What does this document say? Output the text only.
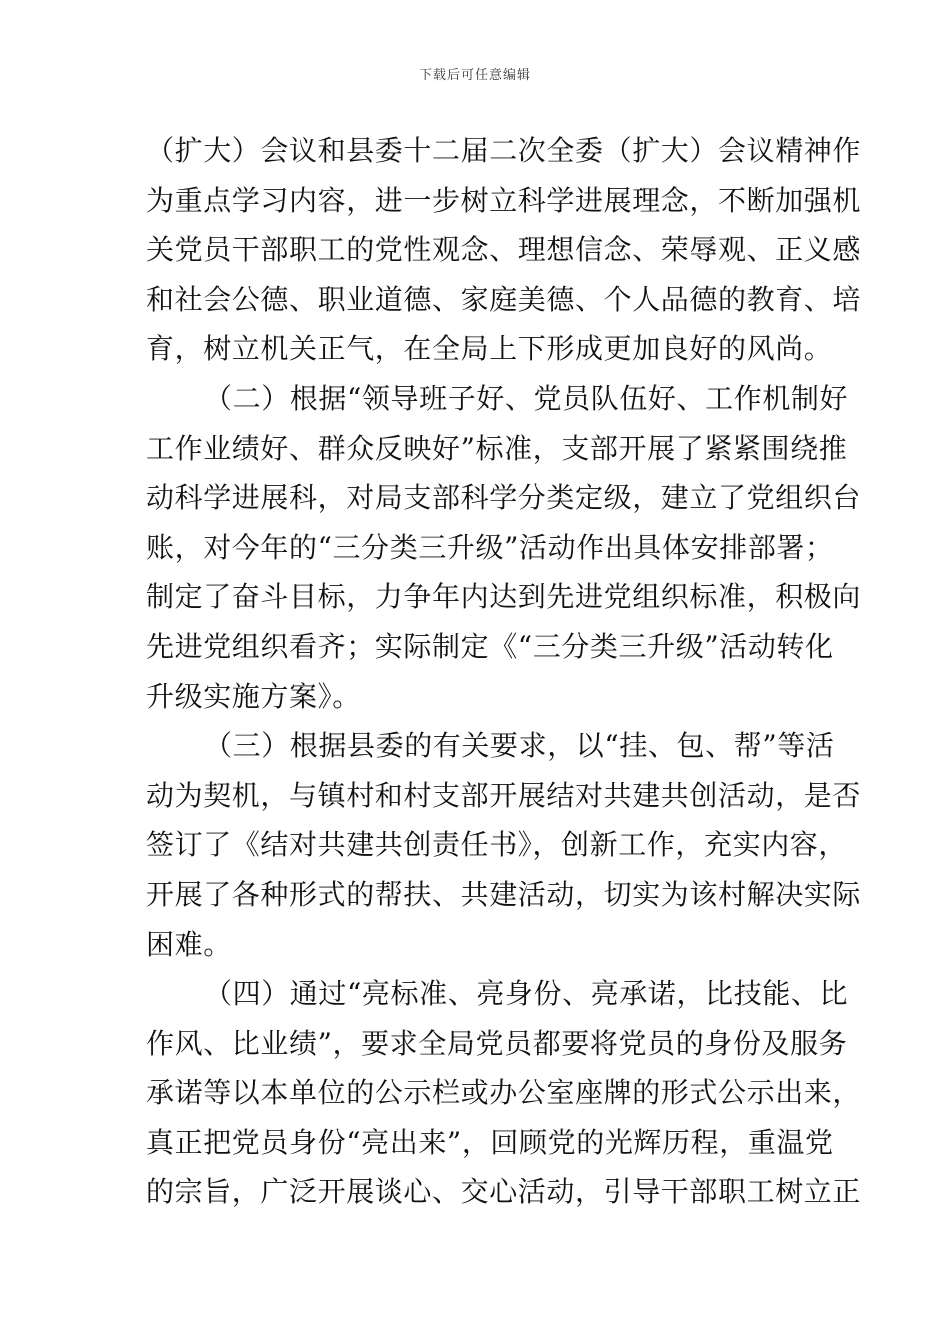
下载后可任意编辑
（扩大）会议和县委十二届二次全委（扩大）会议精神作
为重点学习内容，进一步树立科学进展理念，不断加强机
关党员干部职工的党性观念、理想信念、荣辱观、正义感
和社会公德、职业道德、家庭美德、个人品德的教育、培
育，树立机关正气，在全局上下形成更加良好的风尚。
（二）根据“领导班子好、党员队伍好、工作机制好
工作业绩好、群众反映好”标准，支部开展了紧紧围绕推
动科学进展科，对局支部科学分类定级，建立了党组织台
账，对今年的“三分类三升级”活动作出具体安排部署；
制定了奋斗目标，力争年内达到先进党组织标准，积极向
先进党组织看齐；实际制定《“三分类三升级”活动转化
升级实施方案》。
（三）根据县委的有关要求，以“挂、包、帮”等活
动为契机，与镇村和村支部开展结对共建共创活动，是否
签订了《结对共建共创责任书》，创新工作，充实内容，
开展了各种形式的帮扶、共建活动，切实为该村解决实际
困难。
（四）通过“亮标准、亮身份、亮承诺，比技能、比
作风、比业绩”，要求全局党员都要将党员的身份及服务
承诺等以本单位的公示栏或办公室座牌的形式公示出来，
真正把党员身份“亮出来”，回顾党的光辉历程，重温党
的宗旨，广泛开展谈心、交心活动，引导干部职工树立正
